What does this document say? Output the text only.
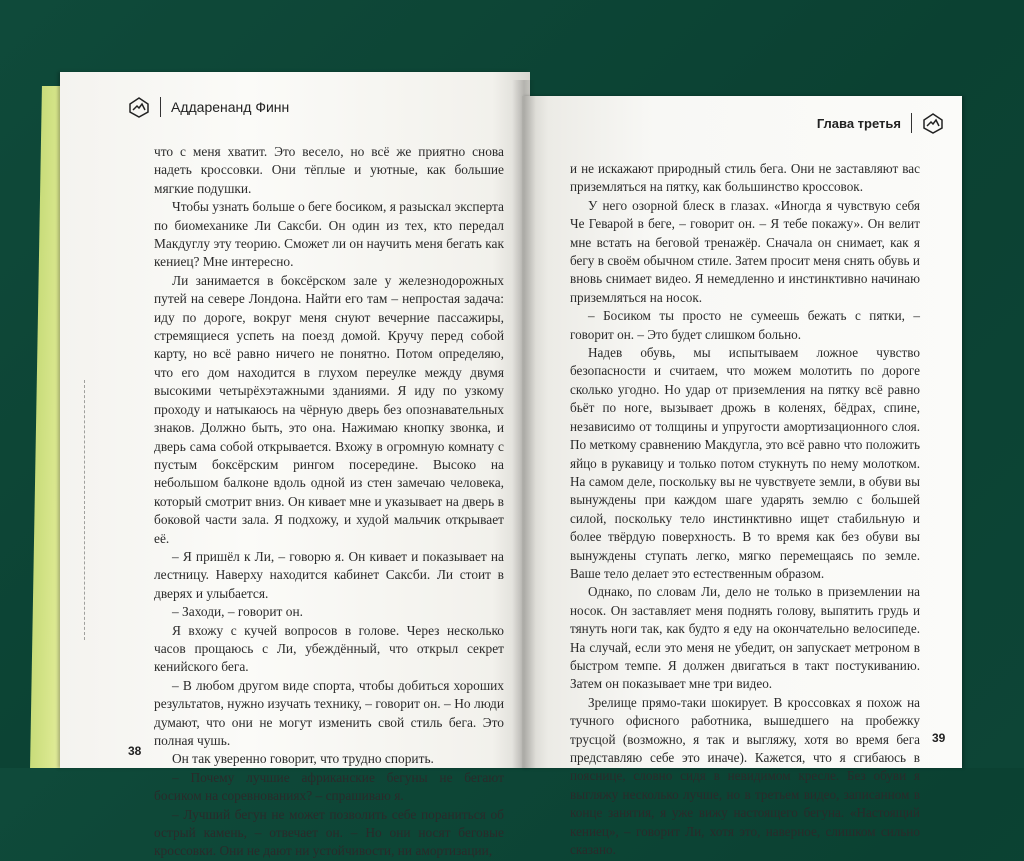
Аддаренанд Финн
Глава третья

что с меня хватит. Это весело, но всё же приятно снова надеть кроссовки. Они тёплые и уютные, как большие мягкие подушки.

Чтобы узнать больше о беге босиком, я разыскал эксперта по биомеханике Ли Саксби. Он один из тех, кто передал Макдуглу эту теорию. Сможет ли он научить меня бегать как кениец? Мне интересно.

Ли занимается в боксёрском зале у железнодорожных путей на севере Лондона. Найти его там – непростая задача: иду по дороге, вокруг меня снуют вечерние пассажиры, стремящиеся успеть на поезд домой. Кручу перед собой карту, но всё равно ничего не понятно. Потом определяю, что его дом находится в глухом переулке между двумя высокими четырёхэтажными зданиями. Я иду по узкому проходу и натыкаюсь на чёрную дверь без опознавательных знаков. Должно быть, это она. Нажимаю кнопку звонка, и дверь сама собой открывается. Вхожу в огромную комнату с пустым боксёрским рингом посередине. Высоко на небольшом балконе вдоль одной из стен замечаю человека, который смотрит вниз. Он кивает мне и указывает на дверь в боковой части зала. Я подхожу, и худой мальчик открывает её.

– Я пришёл к Ли, – говорю я. Он кивает и показывает на лестницу. Наверху находится кабинет Саксби. Ли стоит в дверях и улыбается.

– Заходи, – говорит он.

Я вхожу с кучей вопросов в голове. Через несколько часов прощаюсь с Ли, убеждённый, что открыл секрет кенийского бега.

– В любом другом виде спорта, чтобы добиться хороших результатов, нужно изучать технику, – говорит он. – Но люди думают, что они не могут изменить свой стиль бега. Это полная чушь.

Он так уверенно говорит, что трудно спорить.

– Почему лучшие африканские бегуны не бегают босиком на соревнованиях? – спрашиваю я.

– Лучший бегун не может позволить себе пораниться об острый камень, – отвечает он. – Но они носят беговые кроссовки. Они не дают ни устойчивости, ни амортизации,

и не искажают природный стиль бега. Они не заставляют вас приземляться на пятку, как большинство кроссовок.

У него озорной блеск в глазах. «Иногда я чувствую себя Че Геварой в беге, – говорит он. – Я тебе покажу». Он велит мне встать на беговой тренажёр. Сначала он снимает, как я бегу в своём обычном стиле. Затем просит меня снять обувь и вновь снимает видео. Я немедленно и инстинктивно начинаю приземляться на носок.

– Босиком ты просто не сумеешь бежать с пятки, – говорит он. – Это будет слишком больно.

Надев обувь, мы испытываем ложное чувство безопасности и считаем, что можем молотить по дороге сколько угодно. Но удар от приземления на пятку всё равно бьёт по ноге, вызывает дрожь в коленях, бёдрах, спине, независимо от толщины и упругости амортизационного слоя. По меткому сравнению Макдугла, это всё равно что положить яйцо в рукавицу и только потом стукнуть по нему молотком. На самом деле, поскольку вы не чувствуете земли, в обуви вы вынуждены при каждом шаге ударять землю с большей силой, поскольку тело инстинктивно ищет стабильную и более твёрдую поверхность. В то время как без обуви вы вынуждены ступать легко, мягко перемещаясь по земле. Ваше тело делает это естественным образом.

Однако, по словам Ли, дело не только в приземлении на носок. Он заставляет меня поднять голову, выпятить грудь и тянуть ноги так, как будто я еду на окончательно велосипеде. На случай, если это меня не убедит, он запускает метроном в быстром темпе. Я должен двигаться в такт постукиванию. Затем он показывает мне три видео.

Зрелище прямо-таки шокирует. В кроссовках я похож на тучного офисного работника, вышедшего на пробежку трусцой (возможно, я так и выгляжу, хотя во время бега представляю себе это иначе). Кажется, что я сгибаюсь в пояснице, словно сидя в невидимом кресле. Без обуви я выгляжу несколько лучше, но в третьем видео, записанном в конце занятия, я уже вижу настоящего бегуна. «Настоящий кениец», – говорит Ли, хотя это, наверное, слишком сильно сказано.

38
39
